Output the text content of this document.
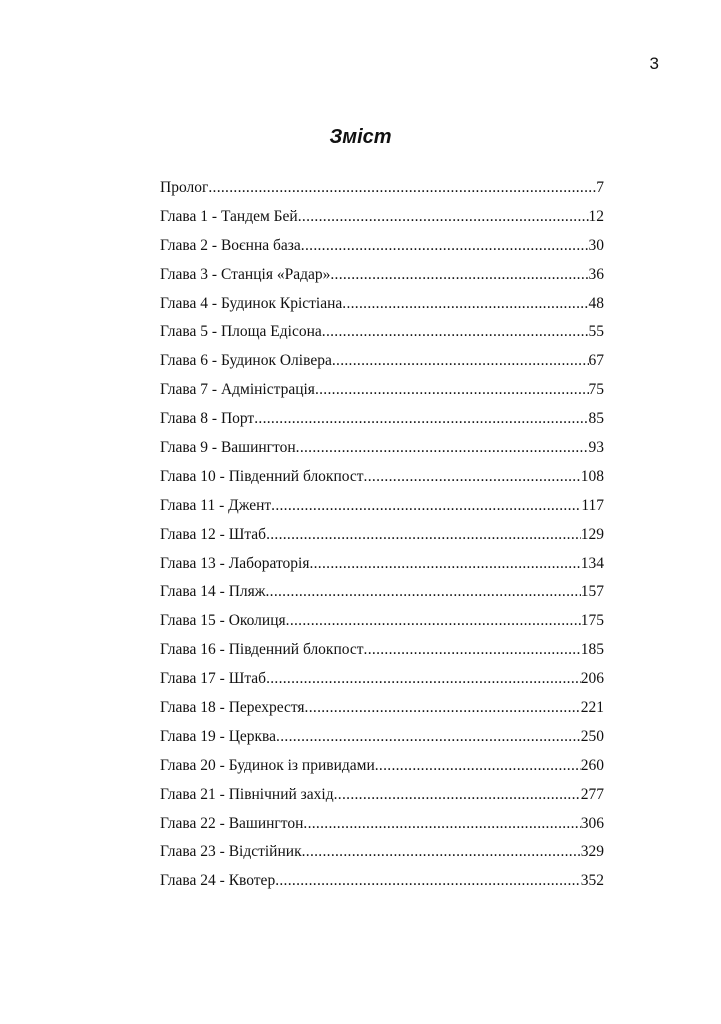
3
Зміст
Пролог .....	7
Глава 1 - Тандем Бей .....	12
Глава 2 - Воєнна база .....	30
Глава 3 - Станція «Радар» .....	36
Глава 4 - Будинок Крістіана .....	48
Глава 5 - Площа Едісона .....	55
Глава 6 - Будинок Олівера .....	67
Глава 7 - Адміністрація .....	75
Глава 8 - Порт .....	85
Глава 9 - Вашингтон .....	93
Глава 10 - Південний блокпост .....	108
Глава 11 - Джент .....	117
Глава 12 - Штаб .....	129
Глава 13 - Лабораторія .....	134
Глава 14 - Пляж .....	157
Глава 15 - Околиця .....	175
Глава 16 - Південний блокпост .....	185
Глава 17 - Штаб .....	206
Глава 18 - Перехрестя .....	221
Глава 19 - Церква .....	250
Глава 20 - Будинок із привидами .....	260
Глава 21 - Північний захід .....	277
Глава 22 - Вашингтон .....	306
Глава 23 - Відстійник .....	329
Глава 24 - Квотер .....	352
